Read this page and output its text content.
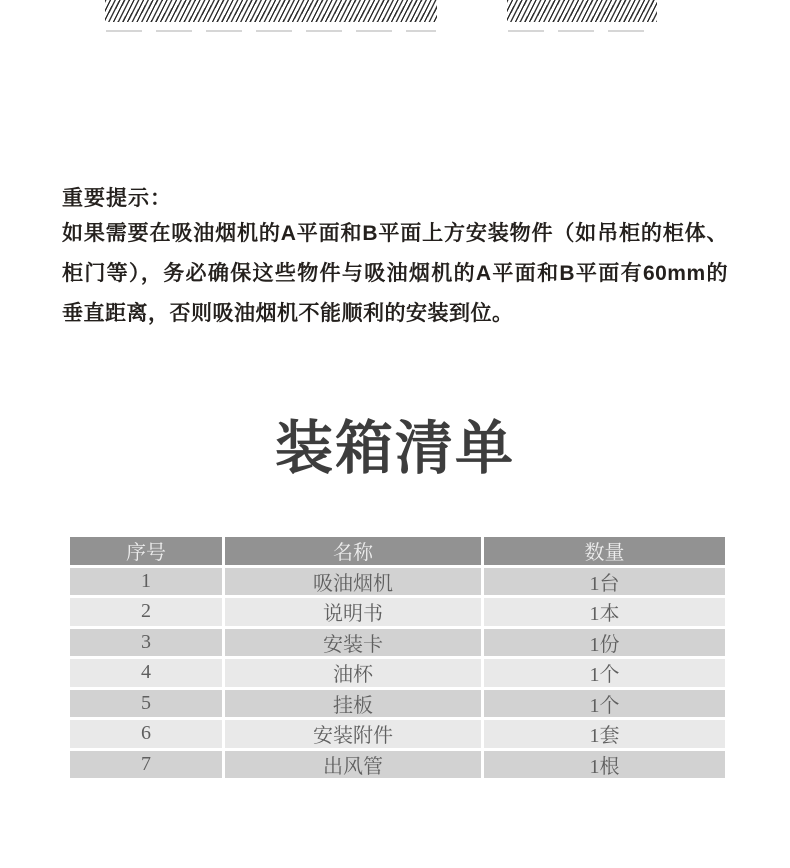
重要提示：

如果需要在吸油烟机的A平面和B平面上方安装物件（如吊柜的柜体、

柜门等），务必确保这些物件与吸油烟机的A平面和B平面有60mm的

垂直距离，否则吸油烟机不能顺利的安装到位。

装箱清单
序号	名称	数量
1	吸油烟机	1台
2	说明书	1本
3	安装卡	1份
4	油杯	1个
5	挂板	1个
6	安装附件	1套
7	出风管	1根
